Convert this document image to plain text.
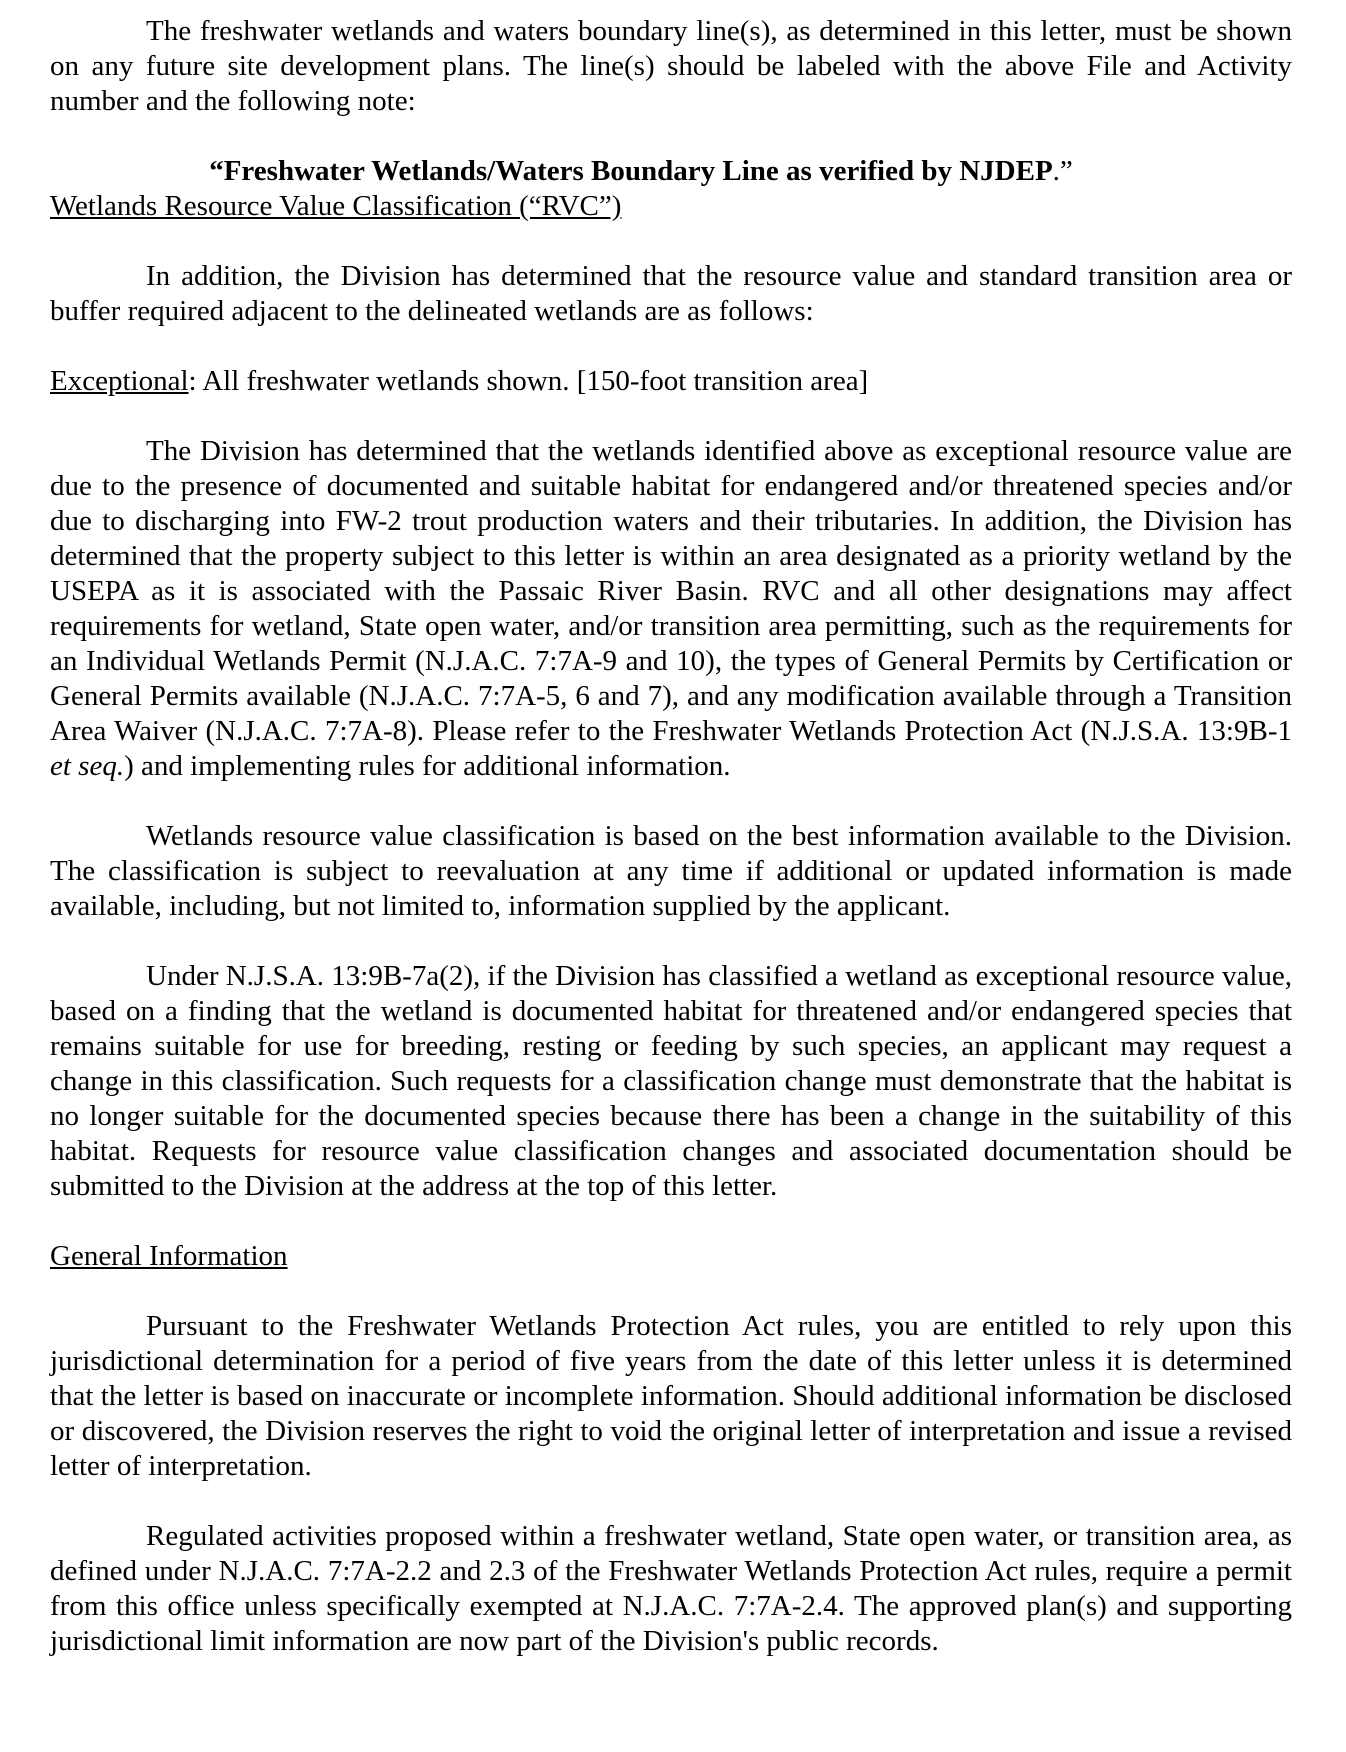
The freshwater wetlands and waters boundary line(s), as determined in this letter, must be shown on any future site development plans. The line(s) should be labeled with the above File and Activity number and the following note:

“Freshwater Wetlands/Waters Boundary Line as verified by NJDEP.”

Wetlands Resource Value Classification (“RVC”)

In addition, the Division has determined that the resource value and standard transition area or buffer required adjacent to the delineated wetlands are as follows:

Exceptional: All freshwater wetlands shown. [150-foot transition area]

The Division has determined that the wetlands identified above as exceptional resource value are due to the presence of documented and suitable habitat for endangered and/or threatened species and/or due to discharging into FW-2 trout production waters and their tributaries. In addition, the Division has determined that the property subject to this letter is within an area designated as a priority wetland by the USEPA as it is associated with the Passaic River Basin. RVC and all other designations may affect requirements for wetland, State open water, and/or transition area permitting, such as the requirements for an Individual Wetlands Permit (N.J.A.C. 7:7A-9 and 10), the types of General Permits by Certification or General Permits available (N.J.A.C. 7:7A-5, 6 and 7), and any modification available through a Transition Area Waiver (N.J.A.C. 7:7A-8). Please refer to the Freshwater Wetlands Protection Act (N.J.S.A. 13:9B-1 et seq.) and implementing rules for additional information.

Wetlands resource value classification is based on the best information available to the Division. The classification is subject to reevaluation at any time if additional or updated information is made available, including, but not limited to, information supplied by the applicant.

Under N.J.S.A. 13:9B-7a(2), if the Division has classified a wetland as exceptional resource value, based on a finding that the wetland is documented habitat for threatened and/or endangered species that remains suitable for use for breeding, resting or feeding by such species, an applicant may request a change in this classification. Such requests for a classification change must demonstrate that the habitat is no longer suitable for the documented species because there has been a change in the suitability of this habitat. Requests for resource value classification changes and associated documentation should be submitted to the Division at the address at the top of this letter.

General Information

Pursuant to the Freshwater Wetlands Protection Act rules, you are entitled to rely upon this jurisdictional determination for a period of five years from the date of this letter unless it is determined that the letter is based on inaccurate or incomplete information. Should additional information be disclosed or discovered, the Division reserves the right to void the original letter of interpretation and issue a revised letter of interpretation.

Regulated activities proposed within a freshwater wetland, State open water, or transition area, as defined under N.J.A.C. 7:7A-2.2 and 2.3 of the Freshwater Wetlands Protection Act rules, require a permit from this office unless specifically exempted at N.J.A.C. 7:7A-2.4. The approved plan(s) and supporting jurisdictional limit information are now part of the Division's public records.
